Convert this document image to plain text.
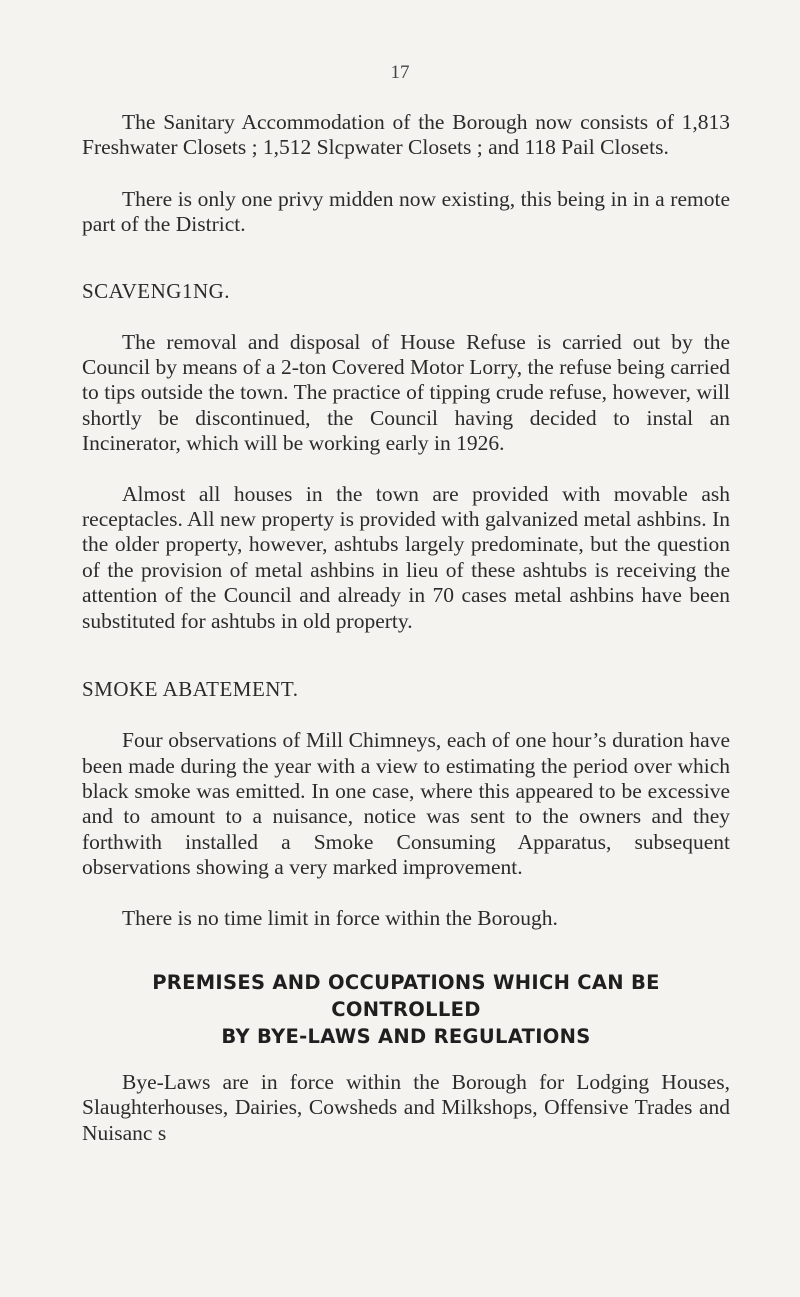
17

The Sanitary Accommodation of the Borough now consists of 1,813 Freshwater Closets ; 1,512 Slcpwater Closets ; and 118 Pail Closets.

There is only one privy midden now existing, this being in in a remote part of the District.

SCAVENG1NG.

The removal and disposal of House Refuse is carried out by the Council by means of a 2-ton Covered Motor Lorry, the refuse being carried to tips outside the town. The practice of tipping crude refuse, however, will shortly be discontinued, the Council having decided to instal an Incinerator, which will be working early in 1926.

Almost all houses in the town are provided with movable ash receptacles. All new property is provided with galvanized metal ashbins. In the older property, however, ashtubs largely predominate, but the question of the provision of metal ashbins in lieu of these ashtubs is receiving the attention of the Council and already in 70 cases metal ashbins have been substituted for ashtubs in old property.

SMOKE ABATEMENT.

Four observations of Mill Chimneys, each of one hour’s duration have been made during the year with a view to estimating the period over which black smoke was emitted. In one case, where this appeared to be excessive and to amount to a nuisance, notice was sent to the owners and they forthwith installed a Smoke Consuming Apparatus, subsequent observations showing a very marked improvement.

There is no time limit in force within the Borough.

PREMISES AND OCCUPATIONS WHICH CAN BE CONTROLLED
BY BYE-LAWS AND REGULATIONS

Bye-Laws are in force within the Borough for Lodging Houses, Slaughterhouses, Dairies, Cowsheds and Milkshops, Offensive Trades and Nuisanc s
